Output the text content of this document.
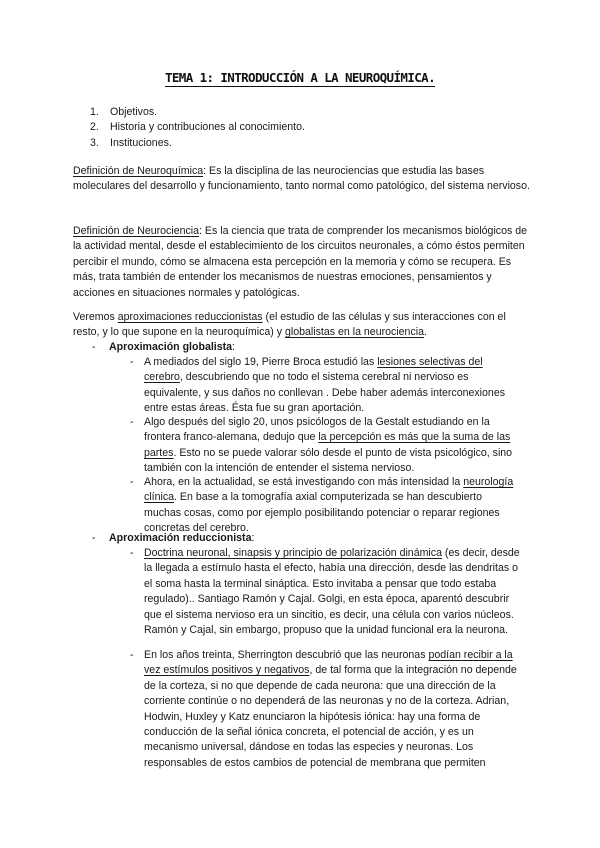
TEMA 1: INTRODUCCIÓN A LA NEUROQUÍMICA.
1. Objetivos.
2. Historia y contribuciones al conocimiento.
3. Instituciones.

Definición de Neuroquímica: Es la disciplina de las neurociencias que estudia las bases moleculares del desarrollo y funcionamiento, tanto normal como patológico, del sistema nervioso.

Definición de Neurociencia: Es la ciencia que trata de comprender los mecanismos biológicos de la actividad mental, desde el establecimiento de los circuitos neuronales, a cómo éstos permiten percibir el mundo, cómo se almacena esta percepción en la memoria y cómo se recupera. Es más, trata también de entender los mecanismos de nuestras emociones, pensamientos y acciones en situaciones normales y patológicas.

Veremos aproximaciones reduccionistas (el estudio de las células y sus interacciones con el resto, y lo que supone en la neuroquímica) y globalistas en la neurociencia.

- Aproximación globalista:

- A mediados del siglo 19, Pierre Broca estudió las lesiones selectivas del cerebro, descubriendo que no todo el sistema cerebral ni nervioso es equivalente, y sus daños no conllevan . Debe haber además interconexiones entre estas áreas. Ésta fue su gran aportación.
- Algo después del siglo 20, unos psicólogos de la Gestalt estudiando en la frontera franco-alemana, dedujo que la percepción es más que la suma de las partes. Esto no se puede valorar sólo desde el punto de vista psicológico, sino también con la intención de entender el sistema nervioso.
- Ahora, en la actualidad, se está investigando con más intensidad la neurología clínica. En base a la tomografía axial computerizada se han descubierto muchas cosas, como por ejemplo posibilitando potenciar o reparar regiones concretas del cerebro.

- Aproximación reduccionista:

- Doctrina neuronal, sinapsis y principio de polarización dinámica (es decir, desde la llegada a estímulo hasta el efecto, había una dirección, desde las dendritas o el soma hasta la terminal sináptica. Esto invitaba a pensar que todo estaba regulado).. Santiago Ramón y Cajal. Golgi, en esta época, aparentó descubrir que el sistema nervioso era un sincitio, es decir, una célula con varios núcleos. Ramón y Cajal, sin embargo, propuso que la unidad funcional era la neurona.
- En los años treinta, Sherrington descubrió que las neuronas podían recibir a la vez estímulos positivos y negativos, de tal forma que la integración no depende de la corteza, si no que depende de cada neurona: que una dirección de la corriente continúe o no dependerá de las neuronas y no de la corteza. Adrian, Hodwin, Huxley y Katz enunciaron la hipótesis iónica: hay una forma de conducción de la señal iónica concreta, el potencial de acción, y es un mecanismo universal, dándose en todas las especies y neuronas. Los responsables de estos cambios de potencial de membrana que permiten
